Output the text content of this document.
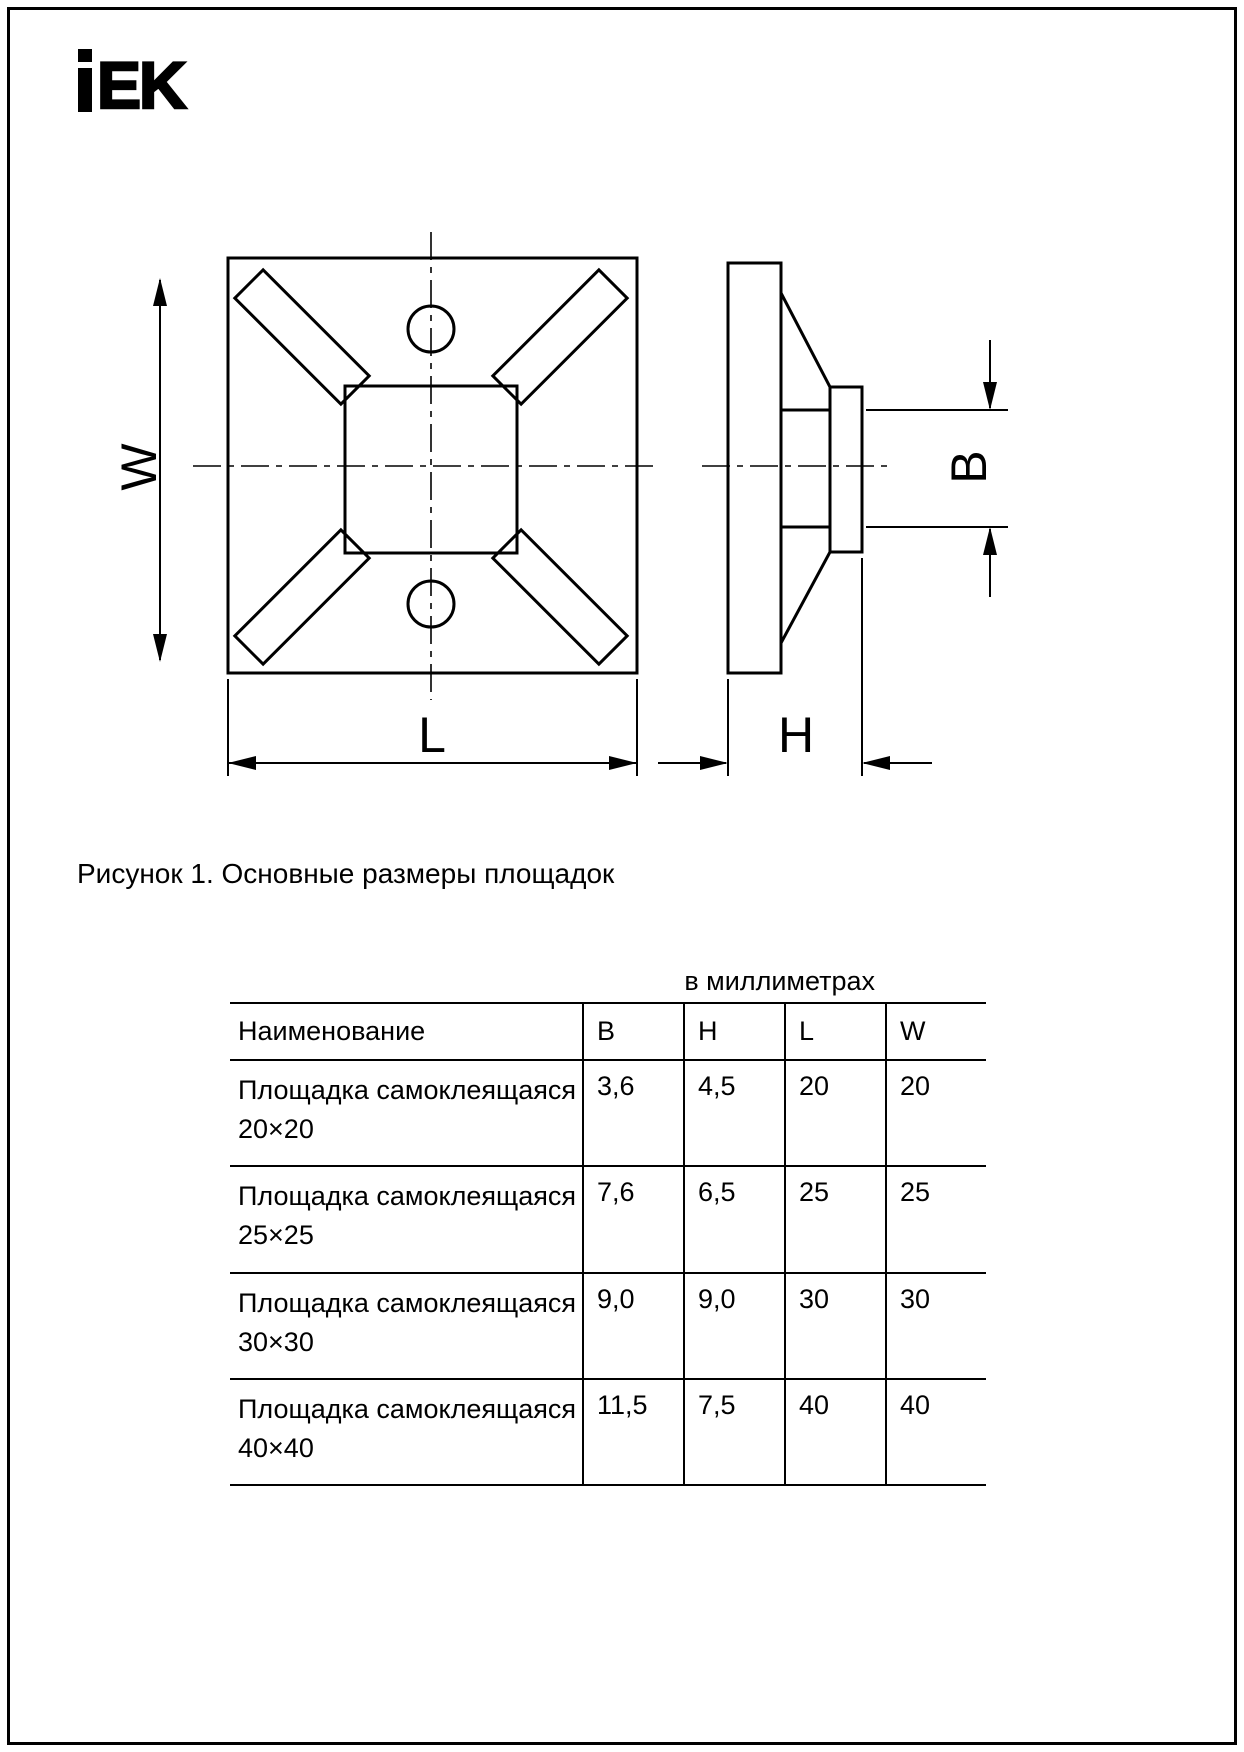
EK
W
L	H
B
Рисунок 1. Основные размеры площадок
в миллиметрах
Наименование	B	H	L	W
Площадка самоклеящаяся
20×20	3,6	4,5	20	20
Площадка самоклеящаяся
25×25	7,6	6,5	25	25
Площадка самоклеящаяся
30×30	9,0	9,0	30	30
Площадка самоклеящаяся
40×40	11,5	7,5	40	40
